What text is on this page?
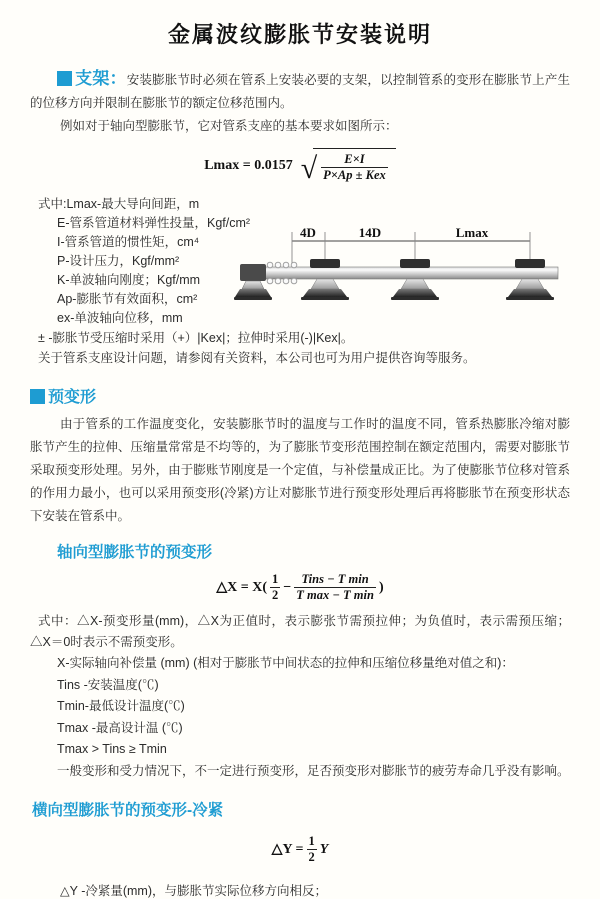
金属波纹膨胀节安装说明

支架：安装膨胀节时必须在管系上安装必要的支架，以控制管系的变形在膨胀节上产生的位移方向并限制在膨胀节的额定位移范围内。

例如对于轴向型膨胀节，它对管系支座的基本要求如图所示：

Lmax = 0.0157 √ $\frac{E\times I}{\text{P×Ap ± Kex}}$
式中:Lmax-最大导向间距，m
E-管系管道材料弹性投量，Kgf/cm²
I-管系管道的惯性矩，cm⁴
P-设计压力，Kgf/mm²
K-单波轴向刚度；Kgf/mm
Ap-膨胀节有效面积，cm²
ex-单波轴向位移，mm
4D	14D	Lmax
± -膨胀节受压缩时采用（+）|Kex|；拉伸时采用(-)|Kex|。
关于管系支座设计问题，请参阅有关资料，本公司也可为用户提供咨询等服务。
预变形

由于管系的工作温度变化，安装膨胀节时的温度与工作时的温度不同，管系热膨胀冷缩对膨胀节产生的拉伸、压缩量常常是不均等的，为了膨胀节变形范围控制在额定范围内，需要对膨胀节采取预变形处理。另外，由于膨账节刚度是一个定值，与补偿量成正比。为了使膨胀节位移对管系的作用力最小，也可以采用预变形(冷紧)方让对膨胀节进行预变形处理后再将膨胀节在预变形状态下安装在管系中。

轴向型膨胀节的预变形
△X = $X( \frac{1}{2} - \frac{\text{Tins − T min}}{\text{T max − T min}}$ )

式中：△X-预变形量(mm)，△X为正值时，表示膨张节需预拉伸；为负值时，表示需预压缩；△X＝0时表示不需预变形。

X-实际轴向补偿量 (mm) (相对于膨胀节中间状态的拉伸和压缩位移量绝对值之和)：
Tins -安装温度(℃)
Tmin-最低设计温度(℃)
Tmax -最高设计温 (℃)
Tmax > Tins ≥ Tmin
一般变形和受力情况下，不一定进行预变形，足否预变形对膨胀节的疲劳寿命几乎没有影响。
横向型膨胀节的预变形-冷紧
△Y = $\frac{1}{2}$ Y
△Y -冷紧量(mm)，与膨胀节实际位移方向相反；
